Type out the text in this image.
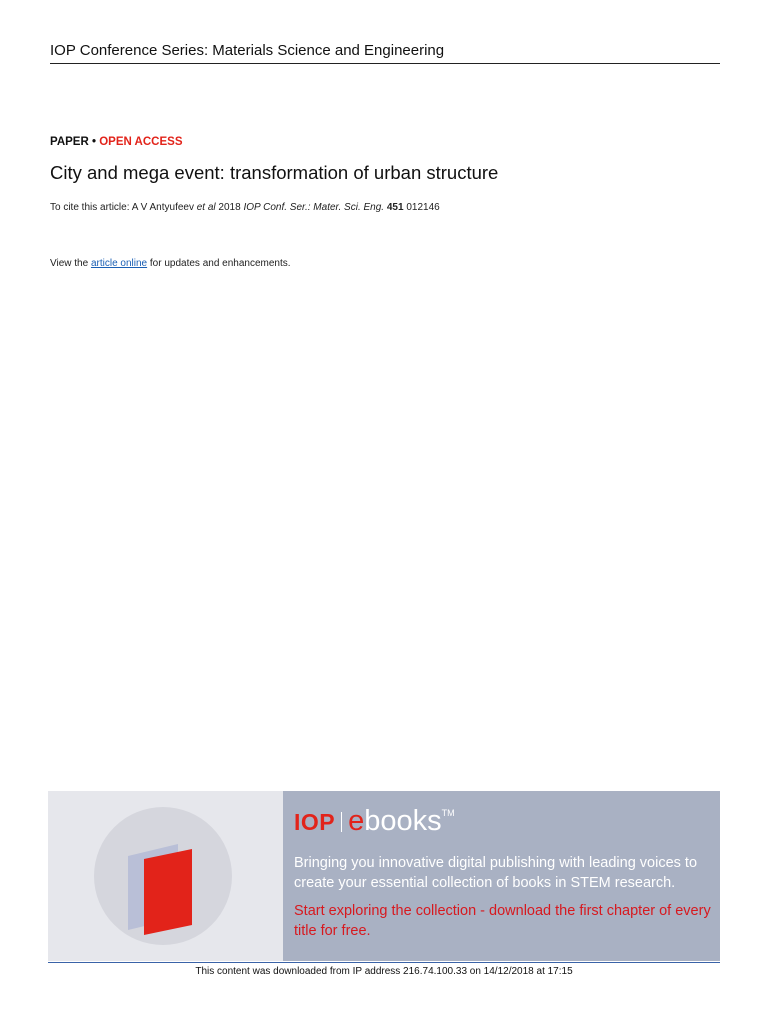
IOP Conference Series: Materials Science and Engineering
PAPER • OPEN ACCESS
City and mega event: transformation of urban structure
To cite this article: A V Antyufeev et al 2018 IOP Conf. Ser.: Mater. Sci. Eng. 451 012146
View the article online for updates and enhancements.
IOP ebooks™
Bringing you innovative digital publishing with leading voices to create your essential collection of books in STEM research.
Start exploring the collection - download the first chapter of every title for free.
This content was downloaded from IP address 216.74.100.33 on 14/12/2018 at 17:15
